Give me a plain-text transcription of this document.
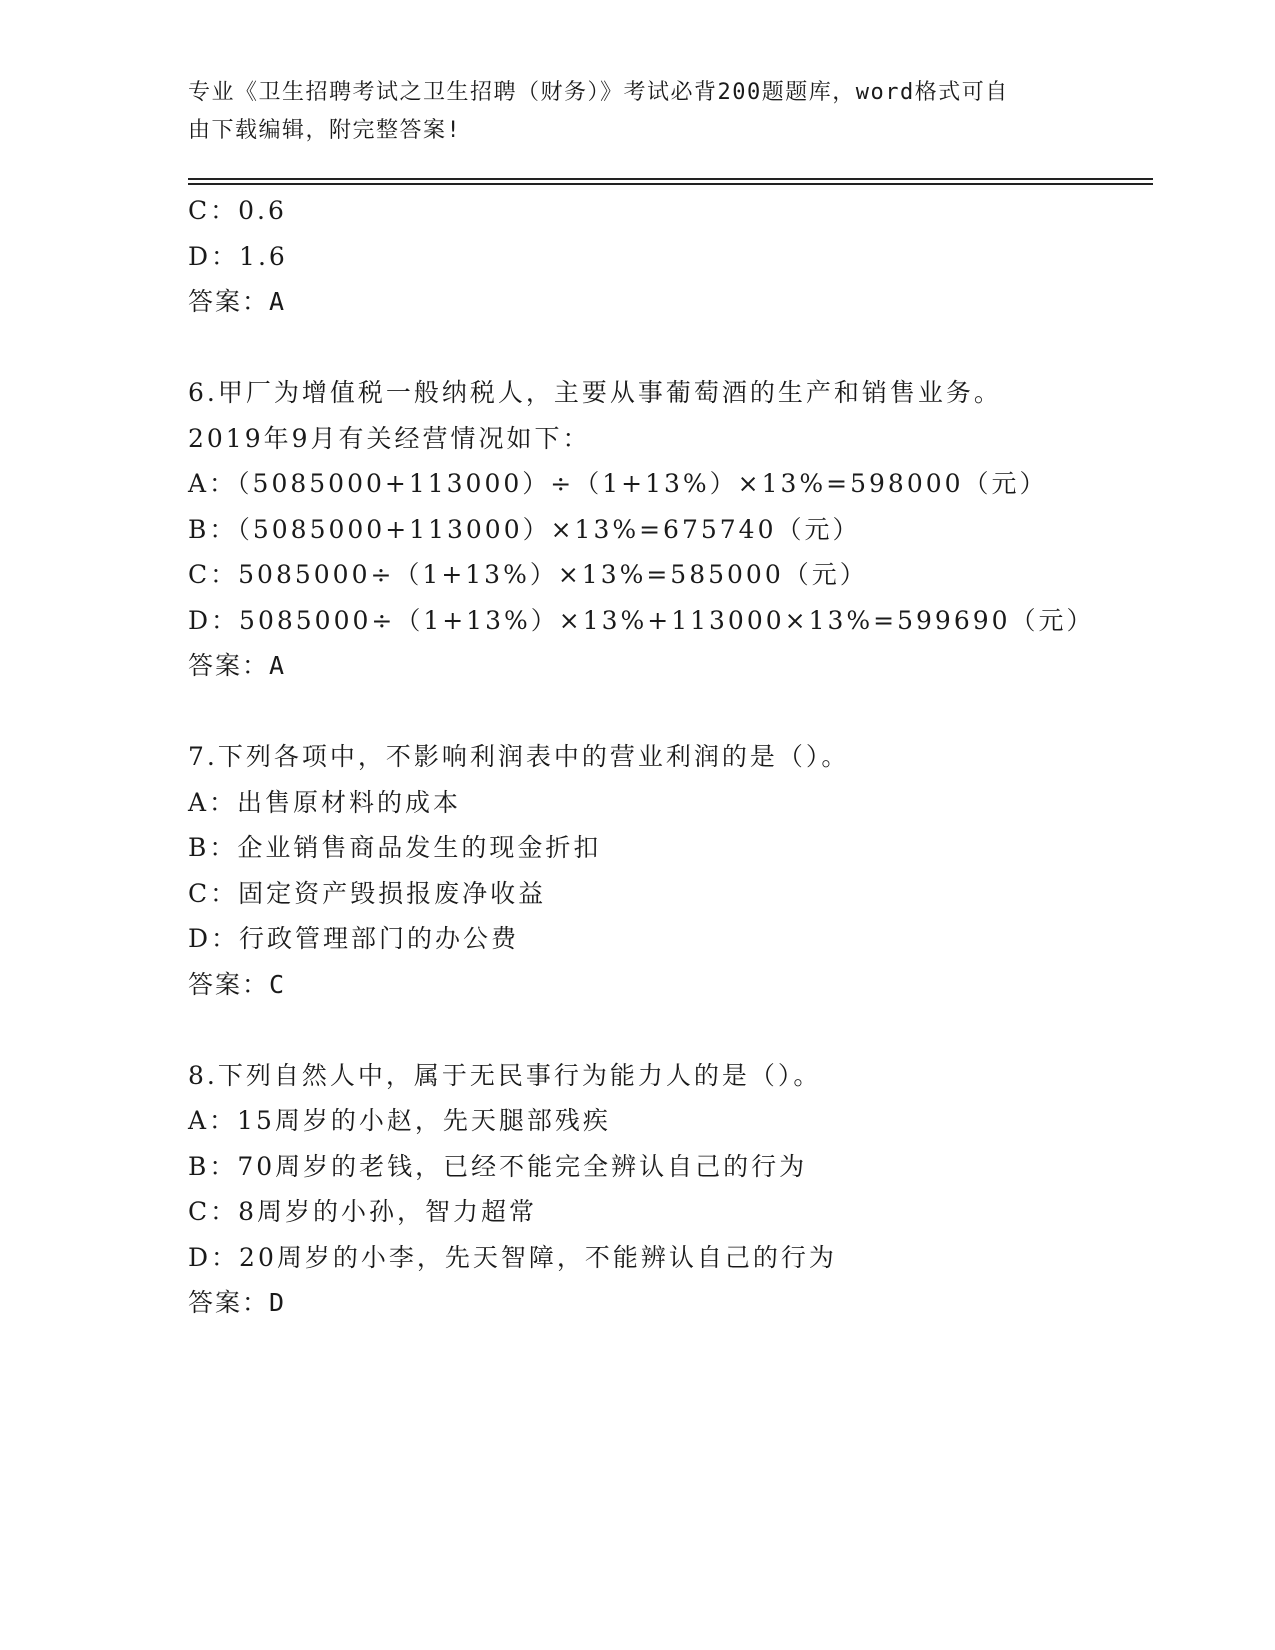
专业《卫生招聘考试之卫生招聘（财务）》考试必背200题题库，word格式可自
由下载编辑，附完整答案!
C：0.6
D：1.6
答案：A
6.甲厂为增值税一般纳税人，主要从事葡萄酒的生产和销售业务。
2019年9月有关经营情况如下：
A：（5085000+113000）÷（1+13%）×13%=598000（元）
B：（5085000+113000）×13%=675740（元）
C：5085000÷（1+13%）×13%=585000（元）
D：5085000÷（1+13%）×13%+113000×13%=599690（元）
答案：A
7.下列各项中，不影响利润表中的营业利润的是（）。
A：出售原材料的成本
B：企业销售商品发生的现金折扣
C：固定资产毁损报废净收益
D：行政管理部门的办公费
答案：C
8.下列自然人中，属于无民事行为能力人的是（）。
A：15周岁的小赵，先天腿部残疾
B：70周岁的老钱，已经不能完全辨认自己的行为
C：8周岁的小孙，智力超常
D：20周岁的小李，先天智障，不能辨认自己的行为
答案：D
